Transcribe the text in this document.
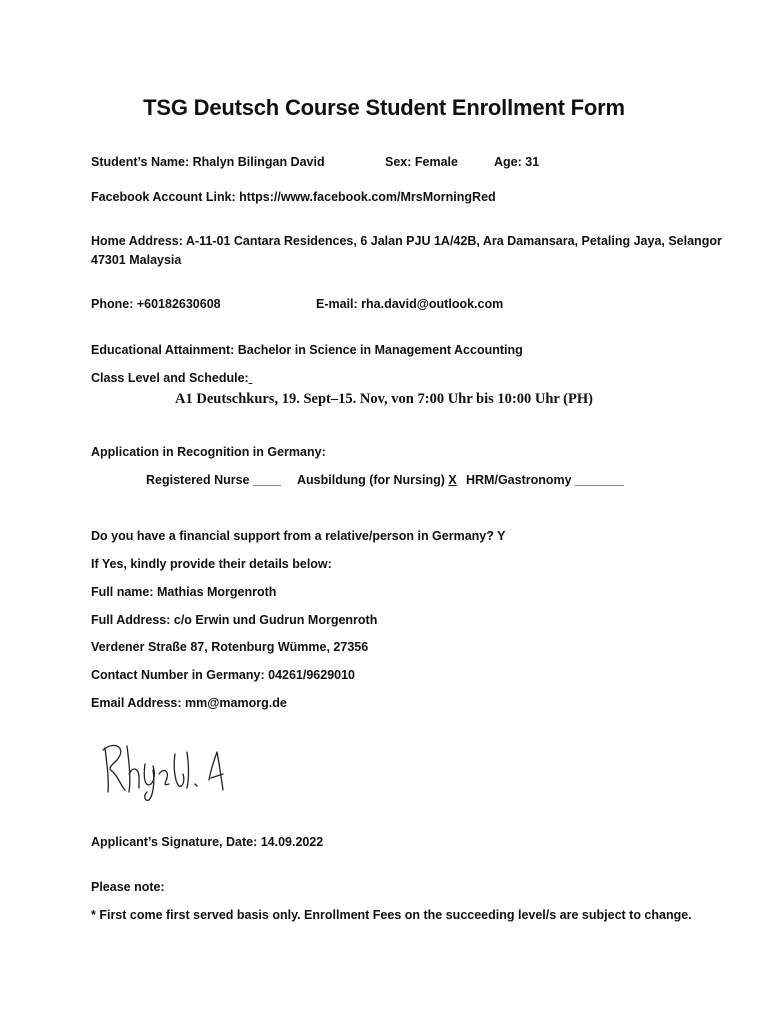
TSG Deutsch Course Student Enrollment Form
Student’s Name: Rhalyn Bilingan David	Sex: Female	Age: 31
Facebook Account Link: https://www.facebook.com/MrsMorningRed
Home Address: A-11-01 Cantara Residences, 6 Jalan PJU 1A/42B, Ara Damansara, Petaling Jaya, Selangor
47301 Malaysia
Phone: +60182630608	E-mail: rha.david@outlook.com
Educational Attainment: Bachelor in Science in Management Accounting
Class Level and Schedule:
A1 Deutschkurs, 19. Sept–15. Nov, von 7:00 Uhr bis 10:00 Uhr (PH)
Application in Recognition in Germany:
Registered Nurse ____ Ausbildung (for Nursing) X HRM/Gastronomy _______
Do you have a financial support from a relative/person in Germany? Y
If Yes, kindly provide their details below:
Full name: Mathias Morgenroth
Full Address: c/o Erwin und Gudrun Morgenroth
Verdener Straße 87, Rotenburg Wümme, 27356
Contact Number in Germany: 04261/9629010
Email Address: mm@mamorg.de
Applicant’s Signature, Date: 14.09.2022
Please note:
* First come first served basis only. Enrollment Fees on the succeeding level/s are subject to change.
